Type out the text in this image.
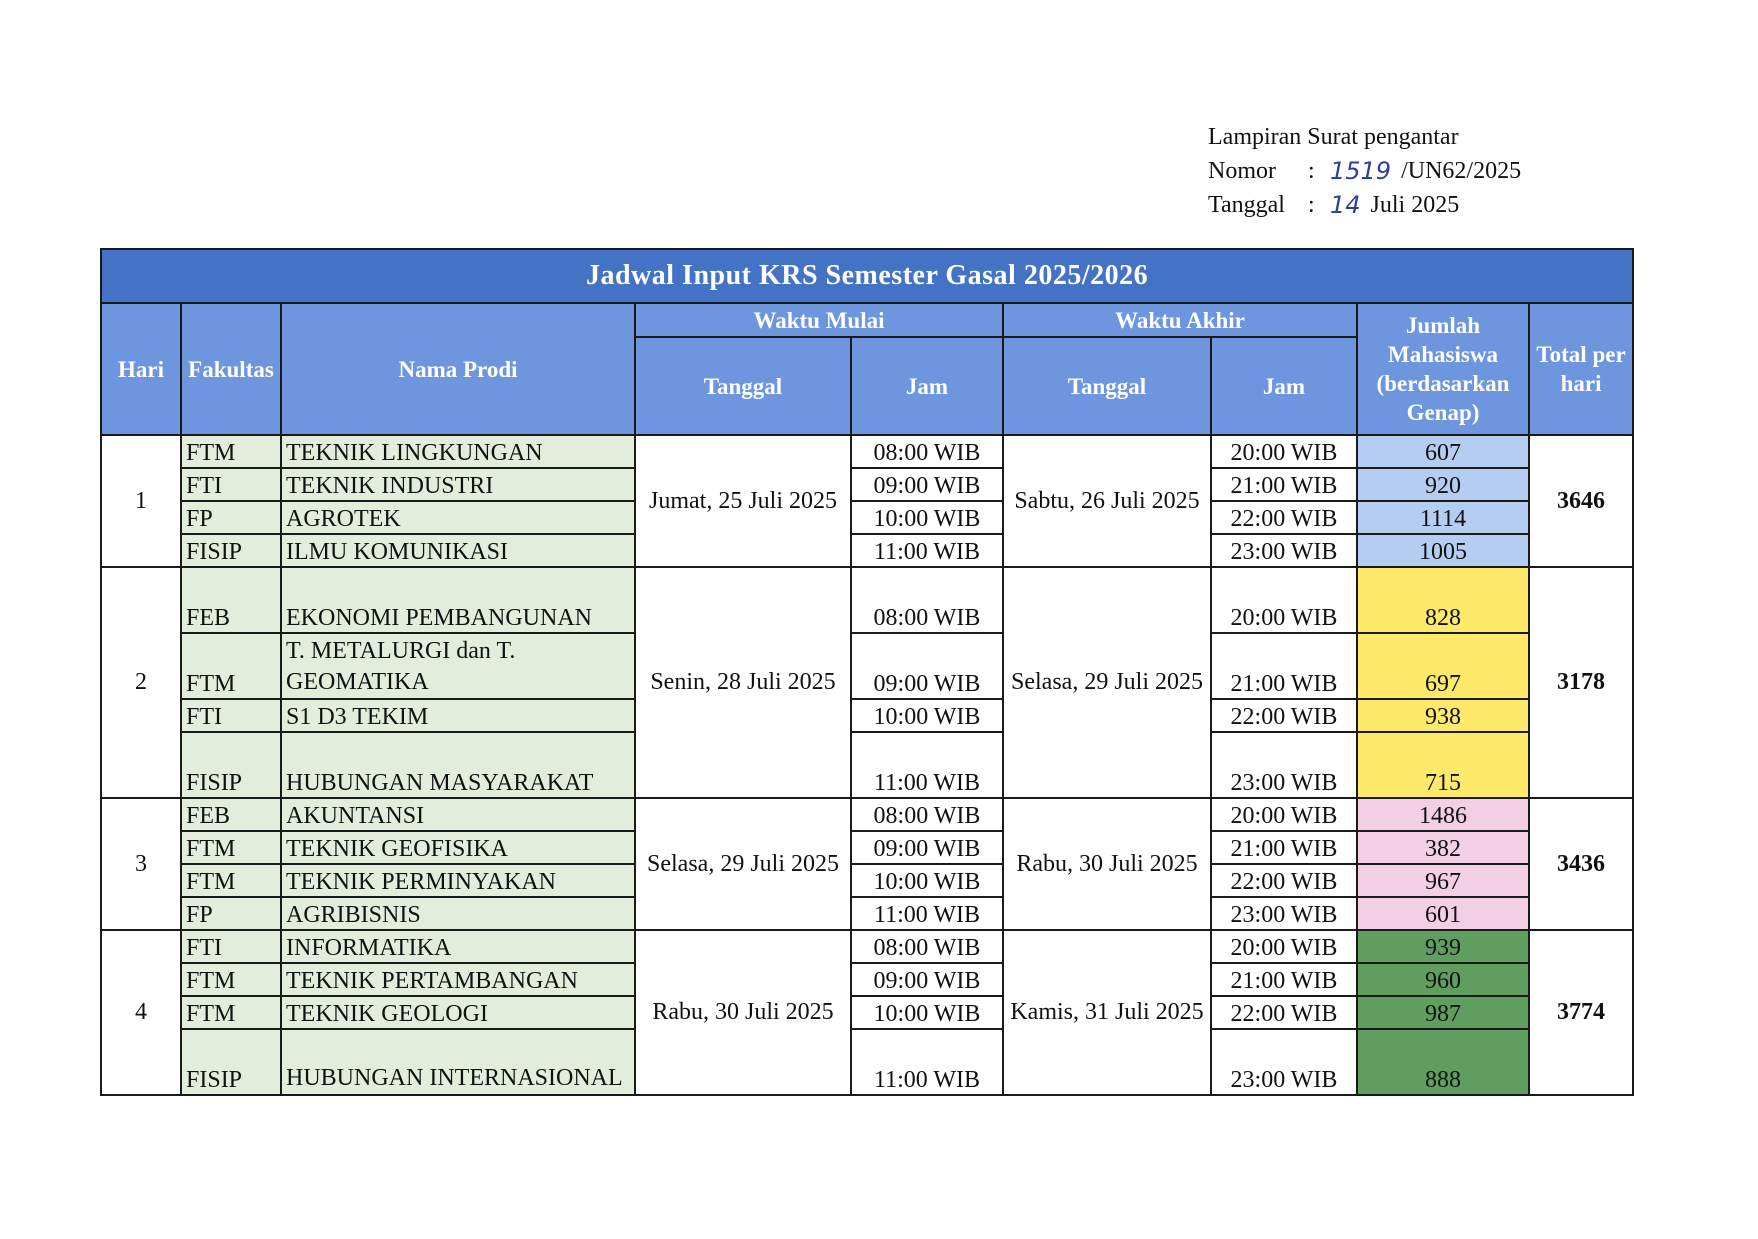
Lampiran Surat pengantar
Nomor	: 1519 /UN62/2025
Tanggal : 14 Juli 2025
Jadwal Input KRS Semester Gasal 2025/2026								
Hari	Fakultas	Nama Prodi	Waktu Mulai		Waktu Akhir		Jumlah Mahasiswa (berdasarkan Genap)	Total per hari
			Tanggal	Jam	Tanggal	Jam		
1	FTM	TEKNIK LINGKUNGAN	Jumat, 25 Juli 2025	08:00 WIB	Sabtu, 26 Juli 2025	20:00 WIB	607	3646
	FTI	TEKNIK INDUSTRI		09:00 WIB		21:00 WIB	920	
	FP	AGROTEK		10:00 WIB		22:00 WIB	1114	
	FISIP	ILMU KOMUNIKASI		11:00 WIB		23:00 WIB	1005	
2	FEB	EKONOMI PEMBANGUNAN	Senin, 28 Juli 2025	08:00 WIB	Selasa, 29 Juli 2025	20:00 WIB	828	3178
	FTM	T. METALURGI dan T. GEOMATIKA		09:00 WIB		21:00 WIB	697	
	FTI	S1 D3 TEKIM		10:00 WIB		22:00 WIB	938	
	FISIP	HUBUNGAN MASYARAKAT		11:00 WIB		23:00 WIB	715	
3	FEB	AKUNTANSI	Selasa, 29 Juli 2025	08:00 WIB	Rabu, 30 Juli 2025	20:00 WIB	1486	3436
	FTM	TEKNIK GEOFISIKA		09:00 WIB		21:00 WIB	382	
	FTM	TEKNIK PERMINYAKAN		10:00 WIB		22:00 WIB	967	
	FP	AGRIBISNIS		11:00 WIB		23:00 WIB	601	
4	FTI	INFORMATIKA	Rabu, 30 Juli 2025	08:00 WIB	Kamis, 31 Juli 2025	20:00 WIB	939	3774
	FTM	TEKNIK PERTAMBANGAN		09:00 WIB		21:00 WIB	960	
	FTM	TEKNIK GEOLOGI		10:00 WIB		22:00 WIB	987	
	FISIP	HUBUNGAN INTERNASIONAL		11:00 WIB		23:00 WIB	888	
